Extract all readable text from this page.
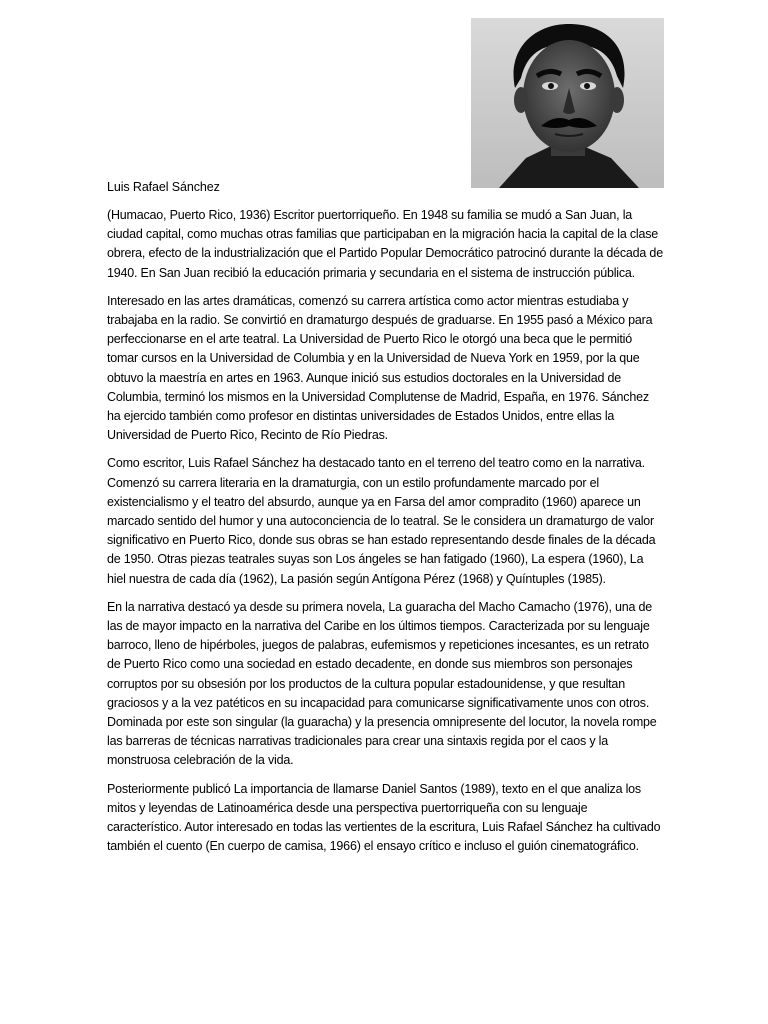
Luis Rafael Sánchez

(Humacao, Puerto Rico, 1936) Escritor puertorriqueño. En 1948 su familia se mudó a San Juan, la ciudad capital, como muchas otras familias que participaban en la migración hacia la capital de la clase obrera, efecto de la industrialización que el Partido Popular Democrático patrocinó durante la década de 1940. En San Juan recibió la educación primaria y secundaria en el sistema de instrucción pública.

Interesado en las artes dramáticas, comenzó su carrera artística como actor mientras estudiaba y trabajaba en la radio. Se convirtió en dramaturgo después de graduarse. En 1955 pasó a México para perfeccionarse en el arte teatral. La Universidad de Puerto Rico le otorgó una beca que le permitió tomar cursos en la Universidad de Columbia y en la Universidad de Nueva York en 1959, por la que obtuvo la maestría en artes en 1963. Aunque inició sus estudios doctorales en la Universidad de Columbia, terminó los mismos en la Universidad Complutense de Madrid, España, en 1976. Sánchez ha ejercido también como profesor en distintas universidades de Estados Unidos, entre ellas la Universidad de Puerto Rico, Recinto de Río Piedras.

Como escritor, Luis Rafael Sánchez ha destacado tanto en el terreno del teatro como en la narrativa. Comenzó su carrera literaria en la dramaturgia, con un estilo profundamente marcado por el existencialismo y el teatro del absurdo, aunque ya en Farsa del amor compradito (1960) aparece un marcado sentido del humor y una autoconciencia de lo teatral. Se le considera un dramaturgo de valor significativo en Puerto Rico, donde sus obras se han estado representando desde finales de la década de 1950. Otras piezas teatrales suyas son Los ángeles se han fatigado (1960), La espera (1960), La hiel nuestra de cada día (1962), La pasión según Antígona Pérez (1968) y Quíntuples (1985).

En la narrativa destacó ya desde su primera novela, La guaracha del Macho Camacho (1976), una de las de mayor impacto en la narrativa del Caribe en los últimos tiempos. Caracterizada por su lenguaje barroco, lleno de hipérboles, juegos de palabras, eufemismos y repeticiones incesantes, es un retrato de Puerto Rico como una sociedad en estado decadente, en donde sus miembros son personajes corruptos por su obsesión por los productos de la cultura popular estadounidense, y que resultan graciosos y a la vez patéticos en su incapacidad para comunicarse significativamente unos con otros. Dominada por este son singular (la guaracha) y la presencia omnipresente del locutor, la novela rompe las barreras de técnicas narrativas tradicionales para crear una sintaxis regida por el caos y la monstruosa celebración de la vida.

Posteriormente publicó La importancia de llamarse Daniel Santos (1989), texto en el que analiza los mitos y leyendas de Latinoamérica desde una perspectiva puertorriqueña con su lenguaje característico. Autor interesado en todas las vertientes de la escritura, Luis Rafael Sánchez ha cultivado también el cuento (En cuerpo de camisa, 1966) el ensayo crítico e incluso el guión cinematográfico.
